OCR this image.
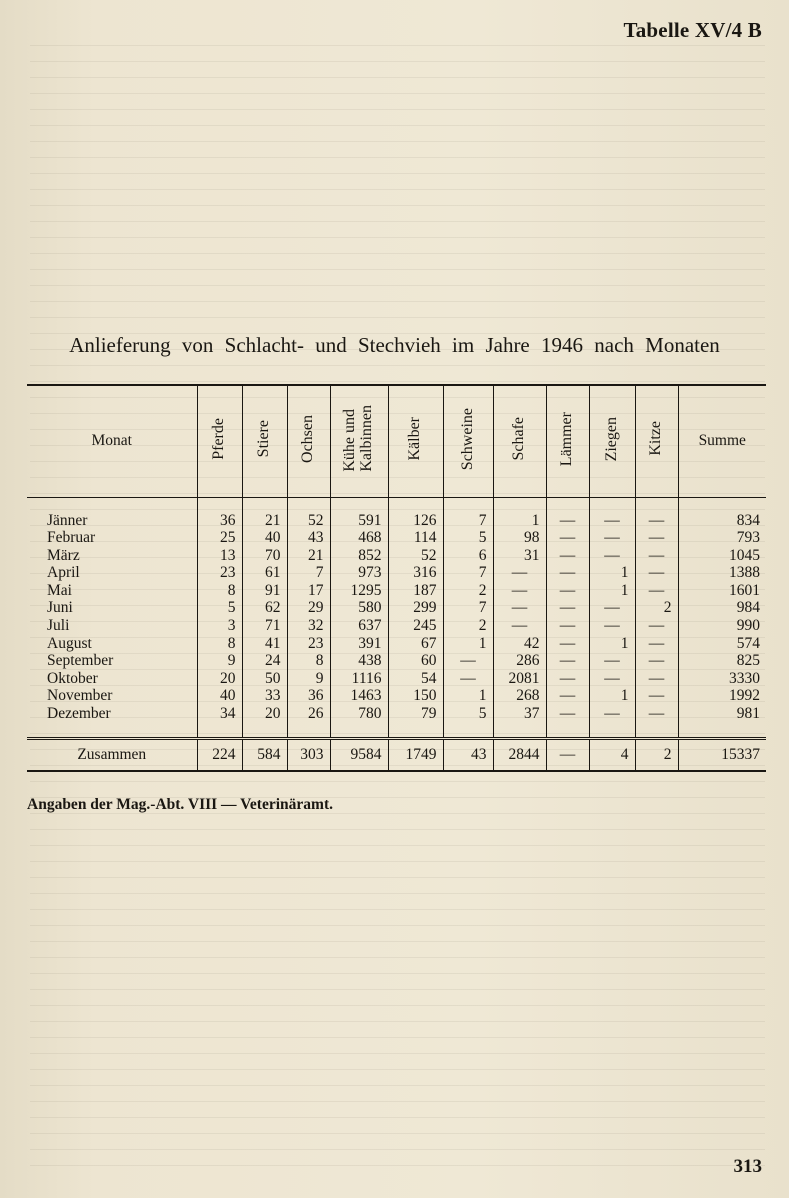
Tabelle XV/4 B
Anlieferung von Schlacht- und Stechvieh im Jahre 1946 nach Monaten
Monat	Pferde	Stiere	Ochsen	Kühe und
Kalbinnen	Kälber	Schweine	Schafe	Lämmer	Ziegen	Kitze	Summe
Jänner	36	21	52	591	126	7	1	—	—	—	834
Februar	25	40	43	468	114	5	98	—	—	—	793
März	13	70	21	852	52	6	31	—	—	—	1045
April	23	61	7	973	316	7	—	—	1	—	1388
Mai	8	91	17	1295	187	2	—	—	1	—	1601
Juni	5	62	29	580	299	7	—	—	—	2	984
Juli	3	71	32	637	245	2	—	—	—	—	990
August	8	41	23	391	67	1	42	—	1	—	574
September	9	24	8	438	60	—	286	—	—	—	825
Oktober	20	50	9	1116	54	—	2081	—	—	—	3330
November	40	33	36	1463	150	1	268	—	1	—	1992
Dezember	34	20	26	780	79	5	37	—	—	—	981
Zusammen	224	584	303	9584	1749	43	2844	—	4	2	15337
Angaben der Mag.-Abt. VIII — Veterinäramt.
313
